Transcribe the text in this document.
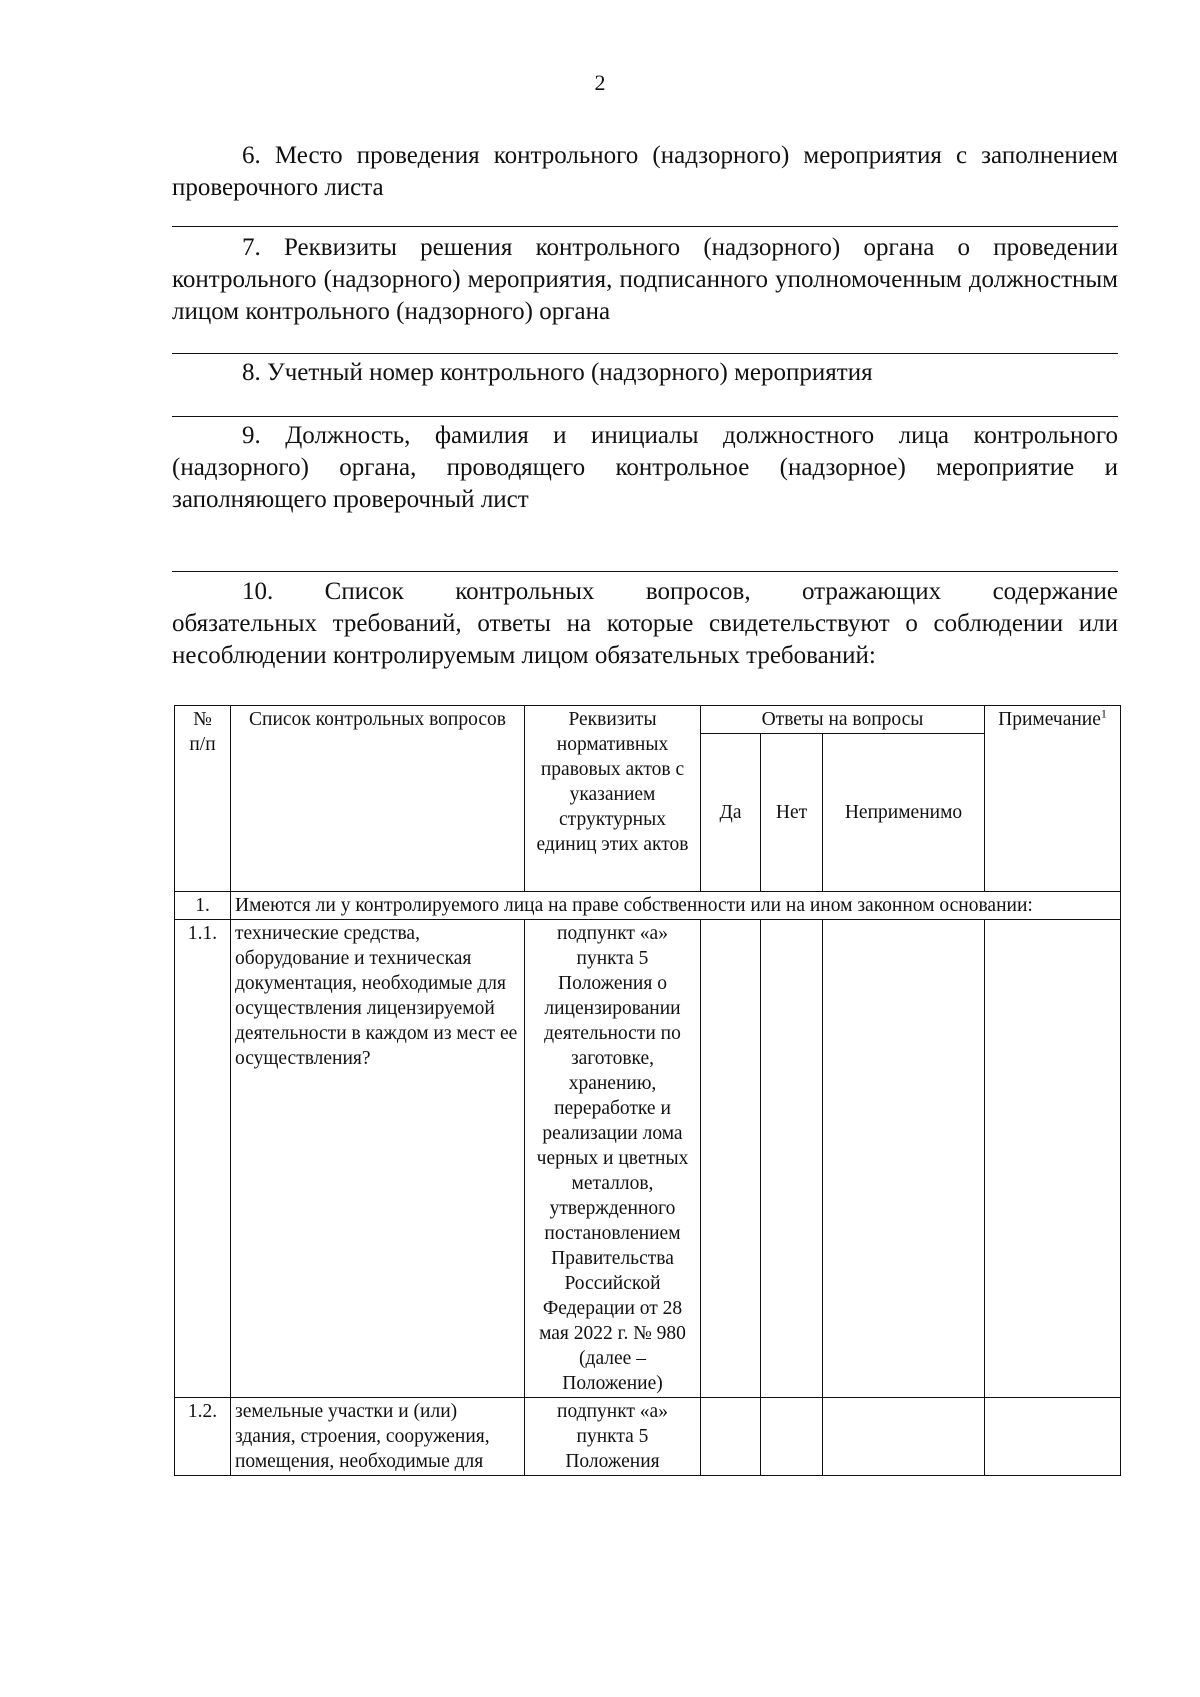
2

6. Место проведения контрольного (надзорного) мероприятия с заполнением проверочного листа

7. Реквизиты решения контрольного (надзорного) органа о проведении контрольного (надзорного) мероприятия, подписанного уполномоченным должностным лицом контрольного (надзорного) органа

8. Учетный номер контрольного (надзорного) мероприятия

9. Должность, фамилия и инициалы должностного лица контрольного (надзорного) органа, проводящего контрольное (надзорное) мероприятие и заполняющего проверочный лист

10. Список контрольных вопросов, отражающих содержание
обязательных требований, ответы на которые свидетельствуют о соблюдении или несоблюдении контролируемым лицом обязательных требований:
№
п/п	Список контрольных вопросов	Реквизиты нормативных правовых актов с указанием структурных единиц этих актов	Ответы на вопросы			Примечание$^1$
			Да	Нет	Неприменимо	
1.	Имеются ли у контролируемого лица на праве собственности или на ином законном основании:					
1.1.	технические средства, оборудование и техническая документация, необходимые для осуществления лицензируемой деятельности в каждом из мест ее осуществления?	подпункт «а» пункта 5 Положения о лицензировании деятельности по заготовке, хранению, переработке и реализации лома черных и цветных металлов, утвержденного постановлением Правительства Российской Федерации от 28 мая 2022 г. № 980 (далее – Положение)				
1.2.	земельные участки и (или) здания, строения, сооружения, помещения, необходимые для	подпункт «а» пункта 5 Положения				
